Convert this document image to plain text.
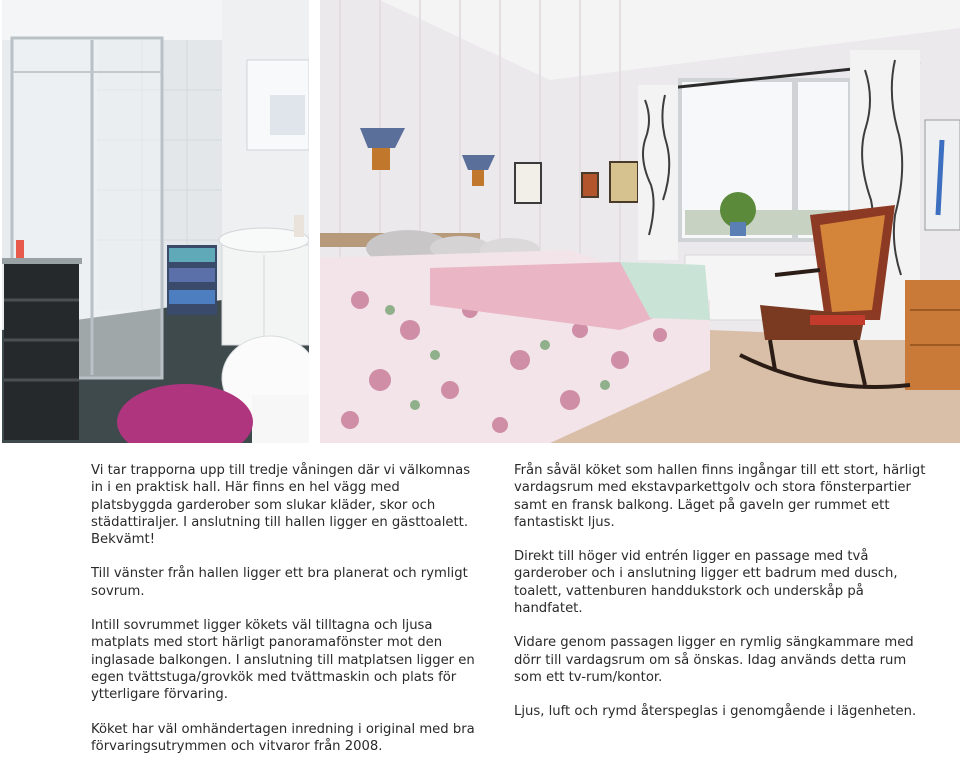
Vi tar trapporna upp till tredje våningen där vi välkomnas in i en praktisk hall. Här finns en hel vägg med platsbyggda garderober som slukar kläder, skor och städattiraljer. I anslutning till hallen ligger en gästtoalett. Bekvämt!

Till vänster från hallen ligger ett bra planerat och rymligt sovrum.

Intill sovrummet ligger kökets väl tilltagna och ljusa matplats med stort härligt panoramafönster mot den inglasade balkongen. I anslutning till matplatsen ligger en egen tvättstuga/grovkök med tvättmaskin och plats för ytterligare förvaring.

Köket har väl omhändertagen inredning i original med bra förvaringsutrymmen och vitvaror från 2008.

Från såväl köket som hallen finns ingångar till ett stort, härligt vardagsrum med ekstavparkettgolv och stora fönsterpartier samt en fransk balkong. Läget på gaveln ger rummet ett fantastiskt ljus.

Direkt till höger vid entrén ligger en passage med två garderober och i anslutning ligger ett badrum med dusch, toalett, vattenburen handdukstork och underskåp på handfatet.

Vidare genom passagen ligger en rymlig sängkammare med dörr till vardagsrum om så önskas. Idag används detta rum som ett tv-rum/kontor.

Ljus, luft och rymd återspeglas i genomgående i lägenheten.
